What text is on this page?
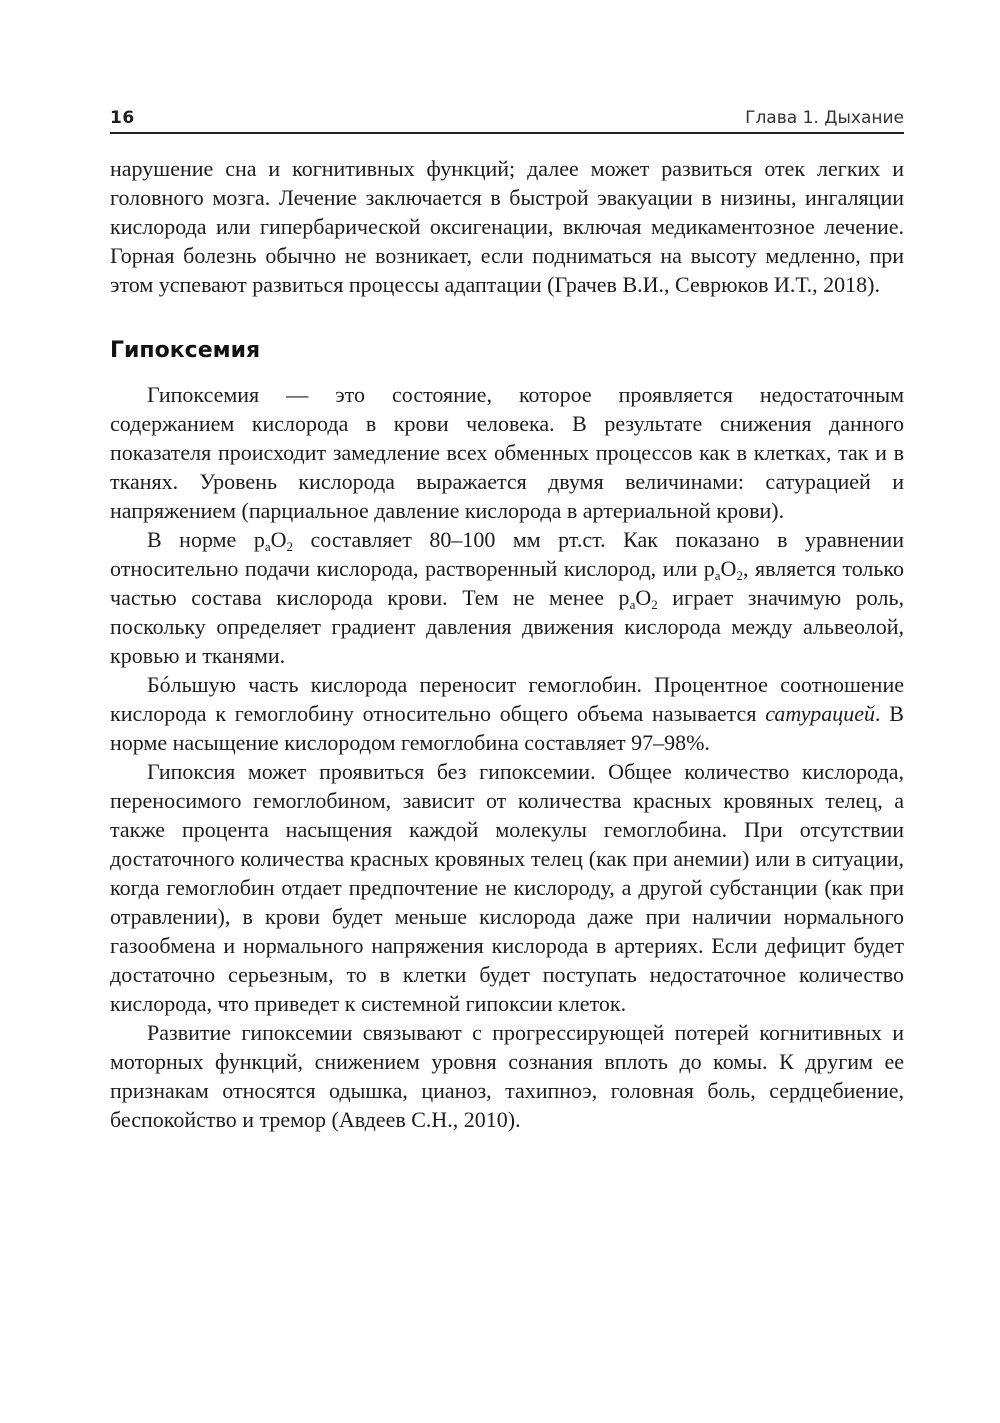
16	Глава 1. Дыхание

нарушение сна и когнитивных функций; далее может развиться отек легких и головного мозга. Лечение заключается в быстрой эвакуации в низины, ингаляции кислорода или гипербарической оксигенации, включая медикаментозное лечение. Горная болезнь обычно не возникает, если подниматься на высоту медленно, при этом успевают развиться процессы адаптации (Грачев В.И., Севрюков И.Т., 2018).

Гипоксемия

Гипоксемия — это состояние, которое проявляется недостаточным содержанием кислорода в крови человека. В результате снижения данного показателя происходит замедление всех обменных процессов как в клетках, так и в тканях. Уровень кислорода выражается двумя величинами: сатурацией и напряжением (парциальное давление кислорода в артериальной крови).

В норме $p_aO_2$ составляет 80–100 мм рт.ст. Как показано в уравнении относительно подачи кислорода, растворенный кислород, или $p_aO_2$, является только частью состава кислорода крови. Тем не менее $p_aO_2$ играет значимую роль, поскольку определяет градиент давления движения кислорода между альвеолой, кровью и тканями.

Бóльшую часть кислорода переносит гемоглобин. Процентное соотношение кислорода к гемоглобину относительно общего объема называется сатурацией. В норме насыщение кислородом гемоглобина составляет 97–98%.

Гипоксия может проявиться без гипоксемии. Общее количество кислорода, переносимого гемоглобином, зависит от количества красных кровяных телец, а также процента насыщения каждой молекулы гемоглобина. При отсутствии достаточного количества красных кровяных телец (как при анемии) или в ситуации, когда гемоглобин отдает предпочтение не кислороду, а другой субстанции (как при отравлении), в крови будет меньше кислорода даже при наличии нормального газообмена и нормального напряжения кислорода в артериях. Если дефицит будет достаточно серьезным, то в клетки будет поступать недостаточное количество кислорода, что приведет к системной гипоксии клеток.

Развитие гипоксемии связывают с прогрессирующей потерей когнитивных и моторных функций, снижением уровня сознания вплоть до комы. К другим ее признакам относятся одышка, цианоз, тахипноэ, головная боль, сердцебиение, беспокойство и тремор (Авдеев С.Н., 2010).
